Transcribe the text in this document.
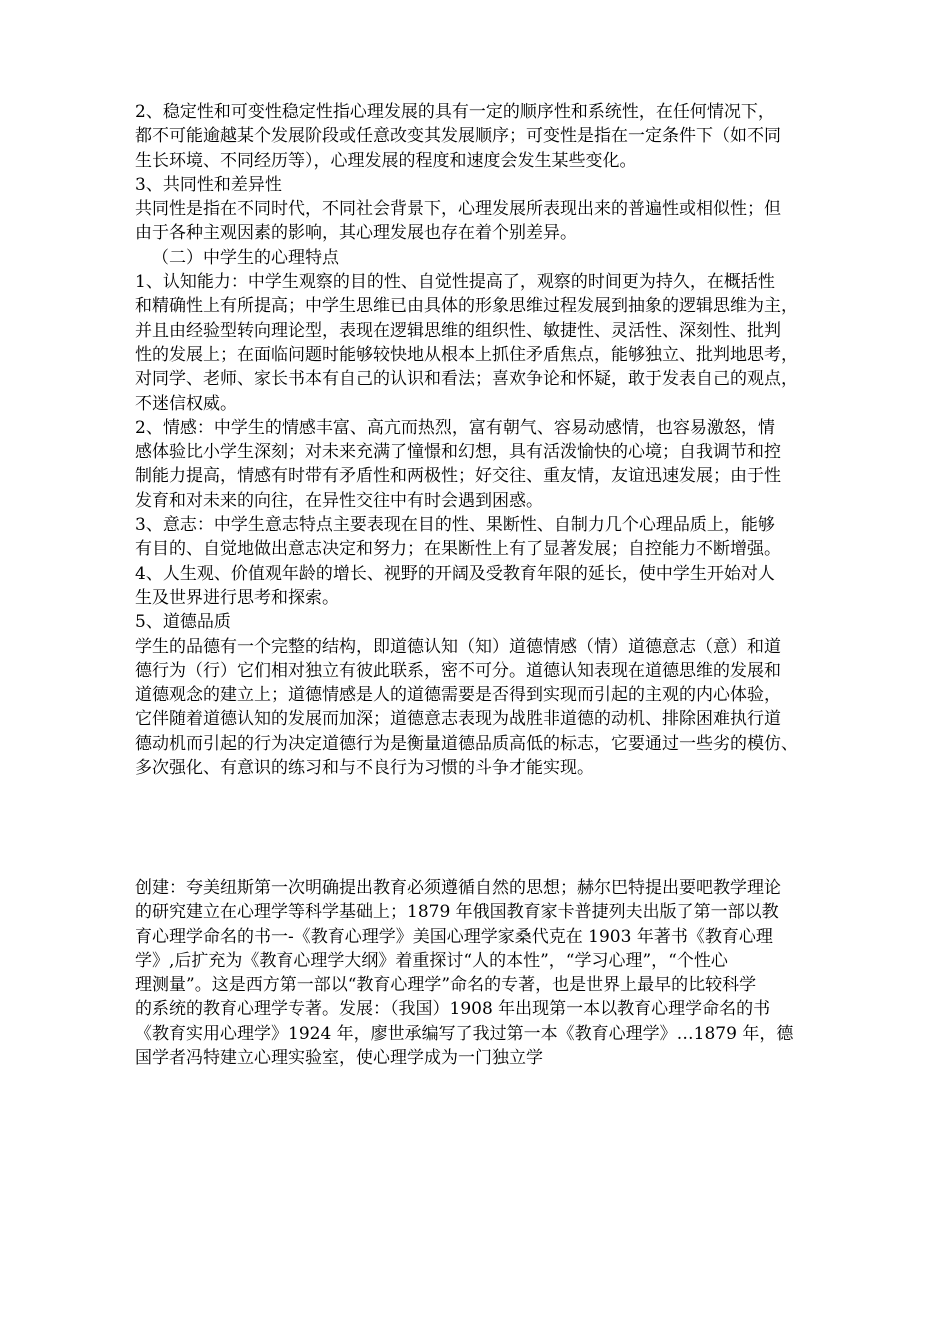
2、稳定性和可变性稳定性指心理发展的具有一定的顺序性和系统性，在任何情况下，

都不可能逾越某个发展阶段或任意改变其发展顺序；可变性是指在一定条件下（如不同

生长环境、不同经历等），心理发展的程度和速度会发生某些变化。

3、共同性和差异性

共同性是指在不同时代，不同社会背景下，心理发展所表现出来的普遍性或相似性；但

由于各种主观因素的影响，其心理发展也存在着个别差异。

（二）中学生的心理特点

1、认知能力：中学生观察的目的性、自觉性提高了，观察的时间更为持久，在概括性

和精确性上有所提高；中学生思维已由具体的形象思维过程发展到抽象的逻辑思维为主，

并且由经验型转向理论型，表现在逻辑思维的组织性、敏捷性、灵活性、深刻性、批判

性的发展上；在面临问题时能够较快地从根本上抓住矛盾焦点，能够独立、批判地思考，

对同学、老师、家长书本有自己的认识和看法；喜欢争论和怀疑，敢于发表自己的观点，

不迷信权威。

2、情感：中学生的情感丰富、高亢而热烈，富有朝气、容易动感情，也容易激怒，情

感体验比小学生深刻；对未来充满了憧憬和幻想，具有活泼愉快的心境；自我调节和控

制能力提高，情感有时带有矛盾性和两极性；好交往、重友情，友谊迅速发展；由于性

发育和对未来的向往，在异性交往中有时会遇到困惑。

3、意志：中学生意志特点主要表现在目的性、果断性、自制力几个心理品质上，能够

有目的、自觉地做出意志决定和努力；在果断性上有了显著发展；自控能力不断增强。

4、人生观、价值观年龄的增长、视野的开阔及受教育年限的延长，使中学生开始对人

生及世界进行思考和探索。

5、道德品质

学生的品德有一个完整的结构，即道德认知（知）道德情感（情）道德意志（意）和道

德行为（行）它们相对独立有彼此联系，密不可分。道德认知表现在道德思维的发展和

道德观念的建立上；道德情感是人的道德需要是否得到实现而引起的主观的内心体验，

它伴随着道德认知的发展而加深；道德意志表现为战胜非道德的动机、排除困难执行道

德动机而引起的行为决定道德行为是衡量道德品质高低的标志，它要通过一些劣的模仿、

多次强化、有意识的练习和与不良行为习惯的斗争才能实现。

创建：夸美纽斯第一次明确提出教育必须遵循自然的思想；赫尔巴特提出要吧教学理论

的研究建立在心理学等科学基础上；1879 年俄国教育家卡普捷列夫出版了第一部以教

育心理学命名的书一-《教育心理学》美国心理学家桑代克在 1903 年著书《教育心理

学》,后扩充为《教育心理学大纲》着重探讨“人的本性”，“学习心理”，“个性心

理测量”。这是西方第一部以“教育心理学”命名的专著，也是世界上最早的比较科学

的系统的教育心理学专著。发展：（我国）1908 年出现第一本以教育心理学命名的书

《教育实用心理学》1924 年，廖世承编写了我过第一本《教育心理学》…1879 年，德

国学者冯特建立心理实验室，使心理学成为一门独立学
